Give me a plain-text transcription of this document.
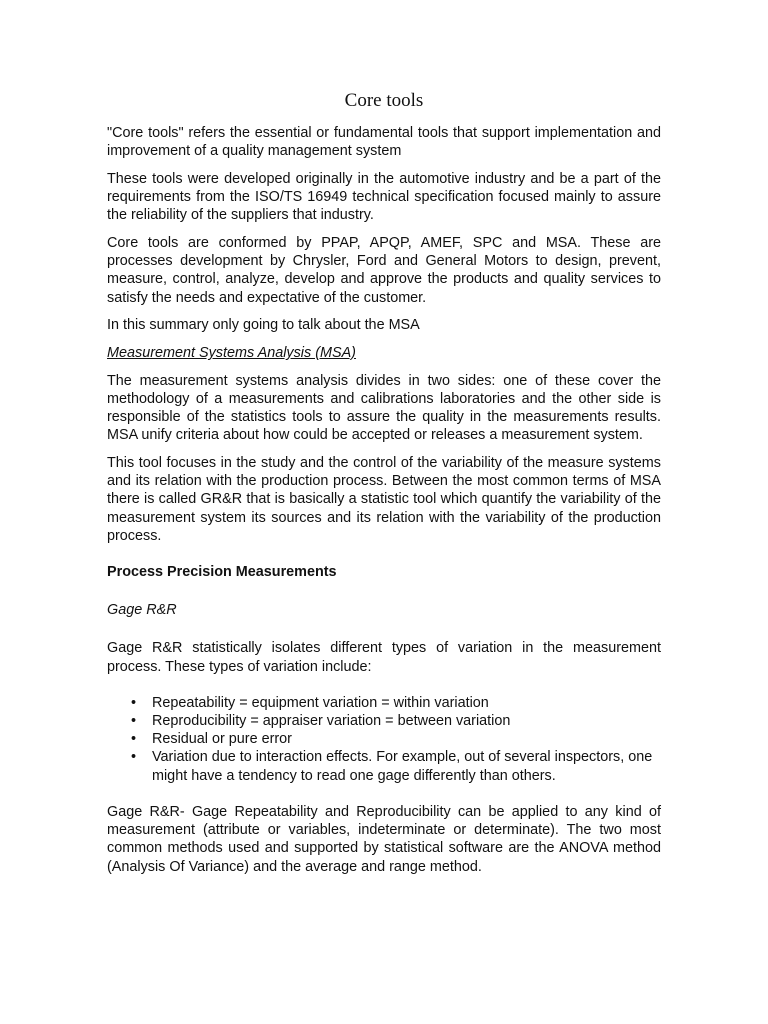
Core tools

"Core tools" refers the essential or fundamental tools that support implementation and improvement of a quality management system

These tools were developed originally in the automotive industry and be a part of the requirements from the ISO/TS 16949 technical specification focused mainly to assure the reliability of the suppliers that industry.

Core tools are conformed by PPAP, APQP, AMEF, SPC and MSA. These are processes development by Chrysler, Ford and General Motors to design, prevent, measure, control, analyze, develop and approve the products and quality services to satisfy the needs and expectative of the customer.

In this summary only going to talk about the MSA

Measurement Systems Analysis (MSA)

The measurement systems analysis divides in two sides: one of these cover the methodology of a measurements and calibrations laboratories and the other side is responsible of the statistics tools to assure the quality in the measurements results. MSA unify criteria about how could be accepted or releases a measurement system.

This tool focuses in the study and the control of the variability of the measure systems and its relation with the production process. Between the most common terms of MSA there is called GR&R that is basically a statistic tool which quantify the variability of the measurement system its sources and its relation with the variability of the production process.

Process Precision Measurements
Gage R&R

Gage R&R statistically isolates different types of variation in the measurement process. These types of variation include:

• Repeatability = equipment variation = within variation
• Reproducibility = appraiser variation = between variation
• Residual or pure error
• Variation due to interaction effects. For example, out of several inspectors, one might have a tendency to read one gage differently than others.

Gage R&R- Gage Repeatability and Reproducibility can be applied to any kind of measurement (attribute or variables, indeterminate or determinate). The two most common methods used and supported by statistical software are the ANOVA method (Analysis Of Variance) and the average and range method.
